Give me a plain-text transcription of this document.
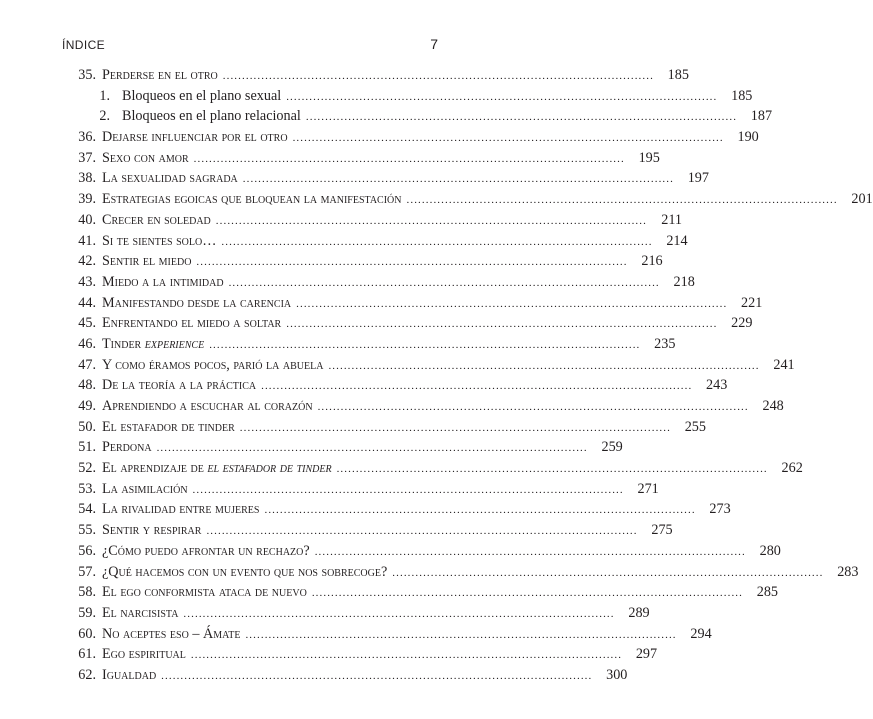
ÍNDICE	7
35. Perderse en el otro ................................................................................................................ 185
1. Bloqueos en el plano sexual ................................................................................................................ 185
2. Bloqueos en el plano relacional ................................................................................................................ 187
36. Dejarse influenciar por el otro ................................................................................................................ 190
37. Sexo con amor ................................................................................................................ 195
38. La sexualidad sagrada ................................................................................................................ 197
39. Estrategias egoicas que bloquean la manifestación ................................................................................................................ 201
40. Crecer en soledad ................................................................................................................	211
41. Si te sientes solo… ................................................................................................................ 214
42. Sentir el miedo ................................................................................................................ 216
43. Miedo a la intimidad ................................................................................................................ 218
44. Manifestando desde la carencia ................................................................................................................ 221
45. Enfrentando el miedo a soltar ................................................................................................................ 229
46. Tinder experience ................................................................................................................ 235
47. Y como éramos pocos, parió la abuela ................................................................................................................ 241
48. De la teoría a la práctica ................................................................................................................ 243
49. Aprendiendo a escuchar al corazón ................................................................................................................ 248
50. El estafador de tinder ................................................................................................................ 255
51. Perdona ................................................................................................................ 259
52. El aprendizaje de el estafador de tinder ................................................................................................................ 262
53. La asimilación ................................................................................................................ 271
54. La rivalidad entre mujeres ................................................................................................................ 273
55. Sentir y respirar ................................................................................................................ 275
56. ¿Cómo puedo afrontar un rechazo? ................................................................................................................ 280
57. ¿Qué hacemos con un evento que nos sobrecoge? ................................................................................................................ 283
58. El ego conformista ataca de nuevo ................................................................................................................ 285
59. El narcisista ................................................................................................................ 289
60. No aceptes eso – Ámate ................................................................................................................ 294
61. Ego espiritual ................................................................................................................ 297
62. Igualdad ................................................................................................................ 300
